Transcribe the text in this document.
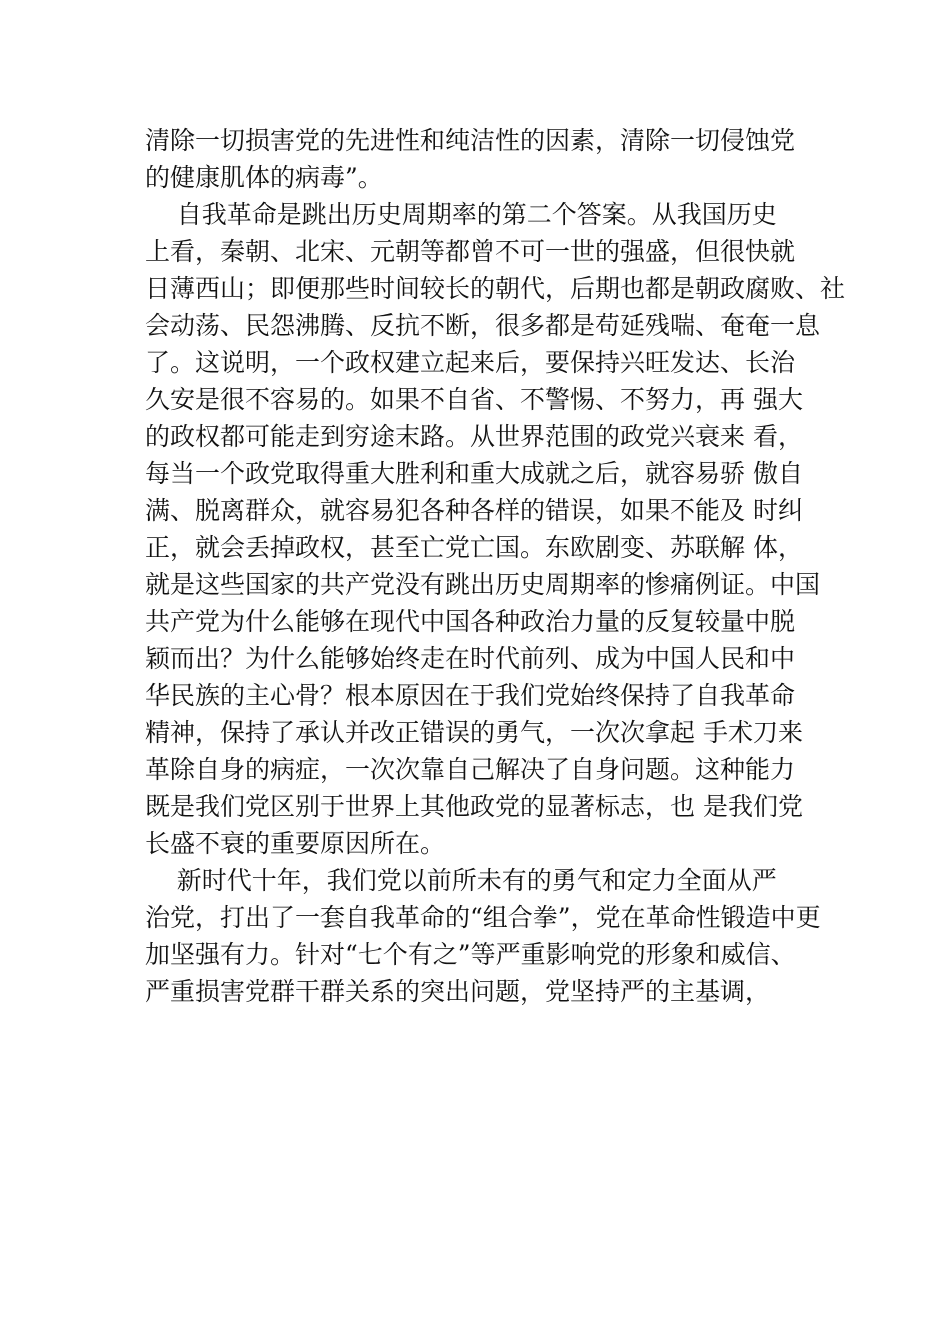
清除一切损害党的先进性和纯洁性的因素，清除一切侵蚀党
的健康肌体的病毒”。
自我革命是跳出历史周期率的第二个答案。从我国历史
上看，秦朝、北宋、元朝等都曾不可一世的强盛，但很快就
日薄西山；即便那些时间较长的朝代，后期也都是朝政腐败、社
会动荡、民怨沸腾、反抗不断，很多都是苟延残喘、奄奄一息
了。这说明，一个政权建立起来后，要保持兴旺发达、长治
久安是很不容易的。如果不自省、不警惕、不努力，再 强大
的政权都可能走到穷途末路。从世界范围的政党兴衰来 看，
每当一个政党取得重大胜利和重大成就之后，就容易骄 傲自
满、脱离群众，就容易犯各种各样的错误，如果不能及 时纠
正，就会丢掉政权，甚至亡党亡国。东欧剧变、苏联解 体，
就是这些国家的共产党没有跳出历史周期率的惨痛例证。中国
共产党为什么能够在现代中国各种政治力量的反复较量中脱
颖而出？为什么能够始终走在时代前列、成为中国人民和中
华民族的主心骨？根本原因在于我们党始终保持了自我革命
精神，保持了承认并改正错误的勇气，一次次拿起 手术刀来
革除自身的病症，一次次靠自己解决了自身问题。这种能力
既是我们党区别于世界上其他政党的显著标志，也 是我们党
长盛不衰的重要原因所在。
新时代十年，我们党以前所未有的勇气和定力全面从严
治党，打出了一套自我革命的“组合拳”，党在革命性锻造中更
加坚强有力。针对“七个有之”等严重影响党的形象和威信、
严重损害党群干群关系的突出问题，党坚持严的主基调，
